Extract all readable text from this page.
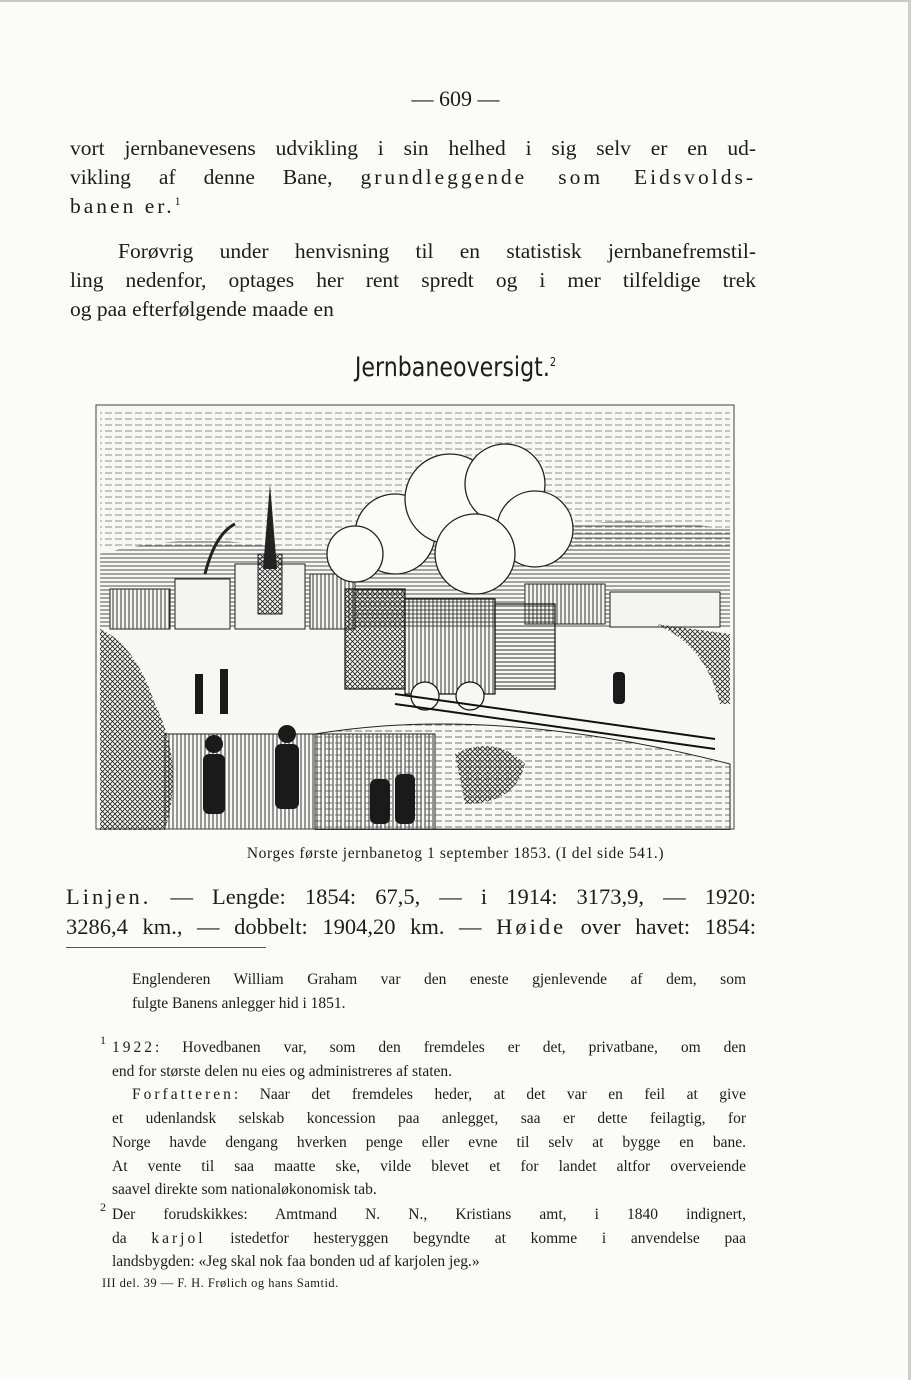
— 609 —
vort jernbanevesens udvikling i sin helhed i sig selv er en ud-
vikling af denne Bane, grundleggende som Eidsvolds-
banen er.$^1$
Forøvrig under henvisning til en statistisk jernbanefremstil-
ling nedenfor, optages her rent spredt og i mer tilfeldige trek
og paa efterfølgende maade en
Jernbaneoversigt.$^2$
Norges første jernbanetog 1 september 1853. (I del side 541.)
Linjen. — Lengde: 1854: 67,5, — i 1914: 3173,9, — 1920:
3286,4 km., — dobbelt: 1904,20 km. — Høide over havet: 1854:
Englenderen William Graham var den eneste gjenlevende af dem, som
fulgte Banens anlegger hid i 1851.
1 1922: Hovedbanen var, som den fremdeles er det, privatbane, om den
end for største delen nu eies og administreres af staten.
Forfatteren: Naar det fremdeles heder, at det var en feil at give
et udenlandsk selskab koncession paa anlegget, saa er dette feilagtig, for
Norge havde dengang hverken penge eller evne til selv at bygge en bane.
At vente til saa maatte ske, vilde blevet et for landet altfor overveiende
saavel direkte som nationaløkonomisk tab.
2 Der forudskikkes: Amtmand N. N., Kristians amt, i 1840 indignert,
da karjol istedetfor hesteryggen begyndte at komme i anvendelse paa
landsbygden: «Jeg skal nok faa bonden ud af karjolen jeg.»
III del. 39 — F. H. Frølich og hans Samtid.
